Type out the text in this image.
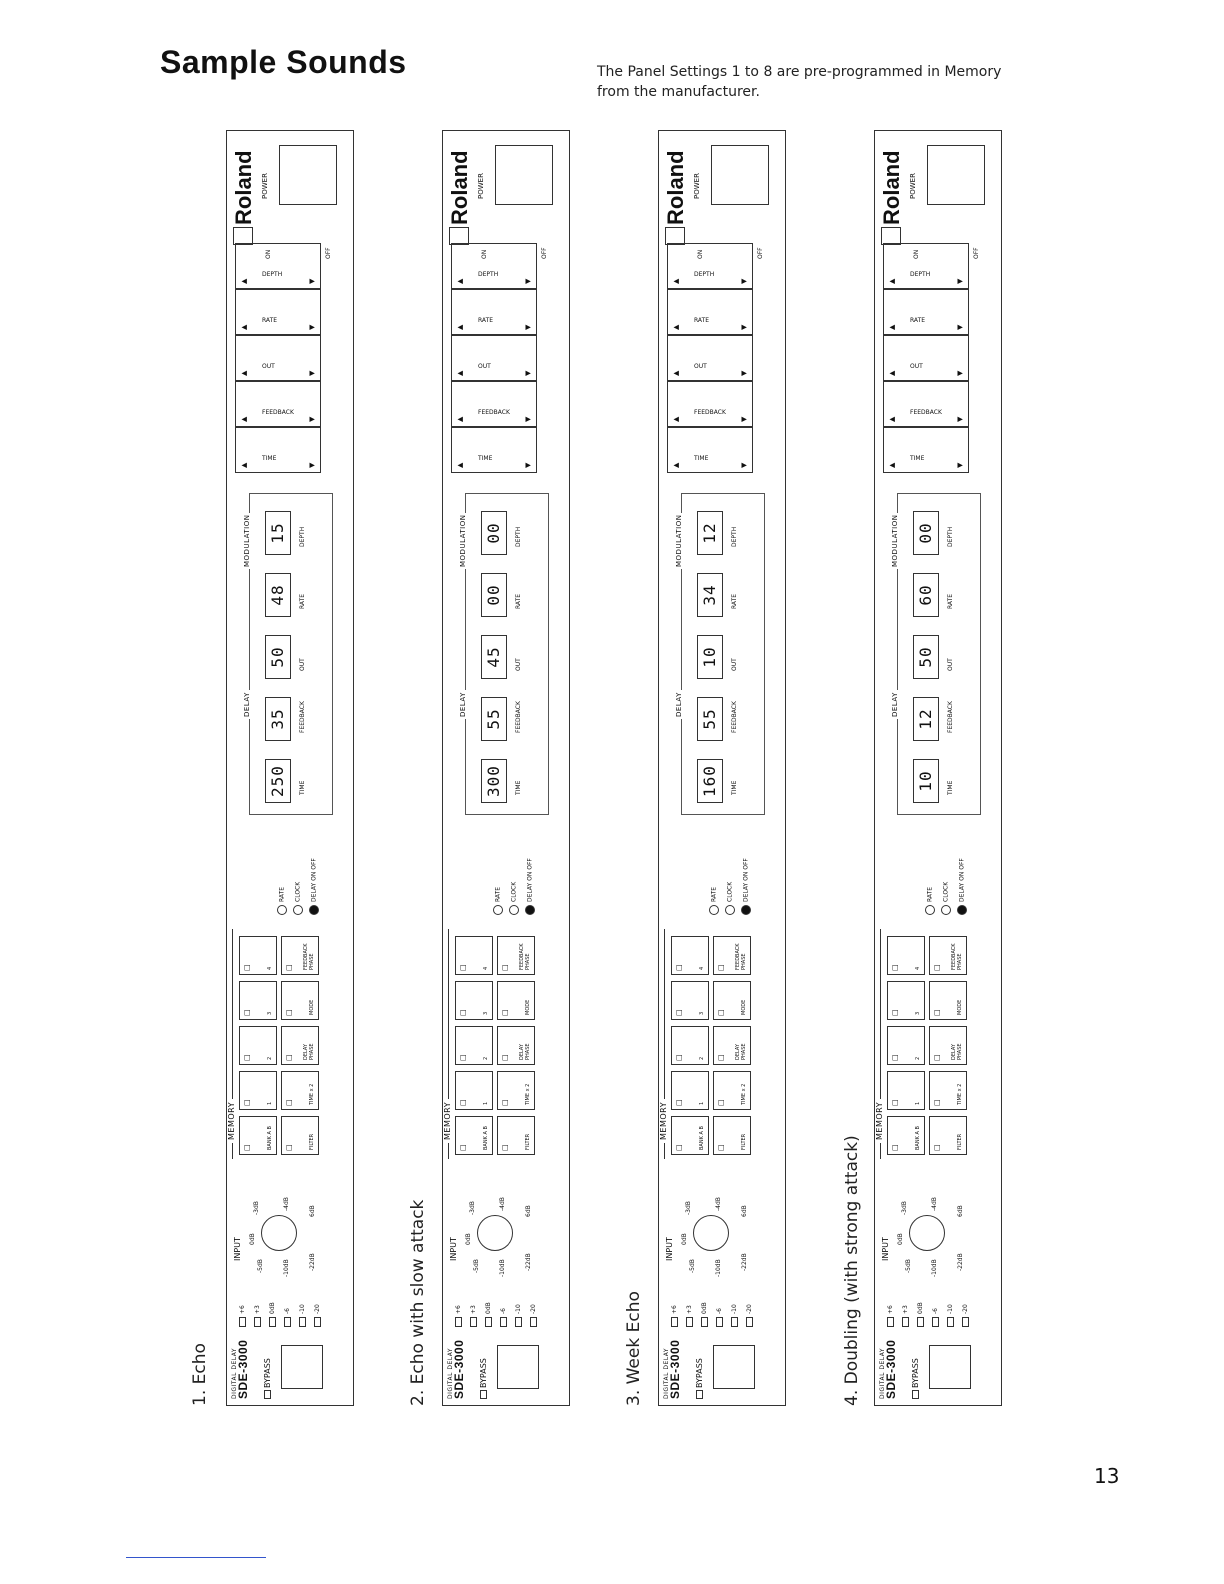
Sample Sounds	The Panel Settings 1 to 8 are pre-programmed in Memory from the manufacturer.
1. Echo	2. Echo with slow attack	3. Week Echo	4. Doubling (with strong attack)
DIGITAL DELAY
SDE-3000 BYPASS
+6 +3 0dB -6 -10 -20
INPUT
-5dB
0dB
-3dB
-10dB	-22dB
-4dB
6dB
MEMORY
□	BANK A B
□	1
□	2
□	3
□	4
□	FILTER
□	TIME x 2
□ DELAY PHASE
□	MODE
□ FEEDBACK PHASE
RATE CLOCK DELAY ON OFF
DELAY
MODULATION
250	TIME
35	FEEDBACK
50	OUT
48	RATE
15	DEPTH
▲
TIME
▼
▲
FEEDBACK
▼
▲
OUT
▼
▲
RATE
▼
▲
DEPTH
▼
Roland POWER
ON	OFF
DIGITAL DELAY
SDE-3000 BYPASS
+6 +3 0dB -6 -10 -20
INPUT
-5dB
0dB
-3dB
-10dB	-22dB
-4dB
6dB
MEMORY
□	BANK A B
□	1
□	2
□	3
□	4
□	FILTER
□	TIME x 2
□ DELAY PHASE
□	MODE
□ FEEDBACK PHASE
RATE CLOCK DELAY ON OFF
DELAY
MODULATION
300	TIME
55	FEEDBACK
45	OUT
00	RATE
00	DEPTH
▲
TIME
▼
▲
FEEDBACK
▼
▲
OUT
▼
▲
RATE
▼
▲
DEPTH
▼
Roland POWER
ON	OFF
DIGITAL DELAY
SDE-3000 BYPASS
+6 +3 0dB -6 -10 -20
INPUT
-5dB
0dB
-3dB
-10dB	-22dB
-4dB
6dB
MEMORY
□	BANK A B
□	1
□	2
□	3
□	4
□	FILTER
□	TIME x 2
□ DELAY PHASE
□	MODE
□ FEEDBACK PHASE
RATE CLOCK DELAY ON OFF
DELAY
MODULATION
160	TIME
55	FEEDBACK
10	OUT
34	RATE
12	DEPTH
▲
TIME
▼
▲
FEEDBACK
▼
▲
OUT
▼
▲
RATE
▼
▲
DEPTH
▼
Roland POWER
ON	OFF
DIGITAL DELAY
SDE-3000 BYPASS
+6 +3 0dB -6 -10 -20
INPUT
-5dB
0dB
-3dB
-10dB	-22dB
-4dB
6dB
MEMORY
□	BANK A B
□	1
□	2
□	3
□	4
□	FILTER
□	TIME x 2
□ DELAY PHASE
□	MODE
□ FEEDBACK PHASE
RATE CLOCK DELAY ON OFF
DELAY
MODULATION
10	TIME
12	FEEDBACK
50	OUT
60	RATE
00	DEPTH
▲
TIME
▼
▲
FEEDBACK
▼
▲
OUT
▼
▲
RATE
▼
▲
DEPTH
▼
Roland POWER
ON	OFF
13
